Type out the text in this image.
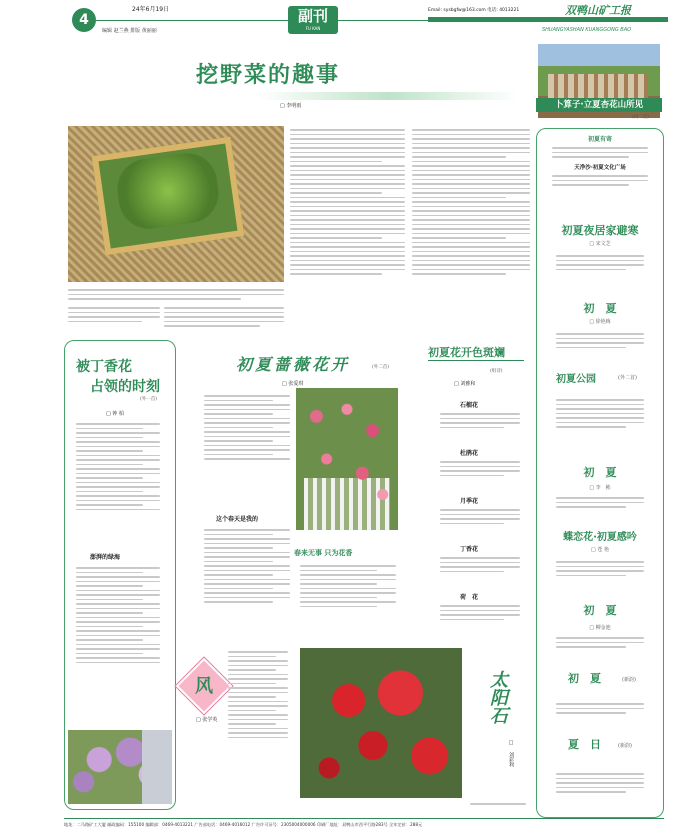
4
24年6月19日
编辑 赵兰燕 排版 黄丽丽
副刊
FU KAN
Email: sysbgfw@163.com 电话: 4013221	双鸭山矿工报
SHUANGYASHAN KUANGGONG BAO
挖野菜的趣事
□ 李明雨	卜算子·立夏杏花山所见
(词二首)
初夏有寄
天净沙·初夏文化广场
初夏夜居家避寒
□ 宋文芝
初　夏
□ 徐艳梅
初夏公园	(外二首)
初　夏
□ 李　彬
蝶恋花·初夏感吟
□ 苍 艳
初　夏
□ 柳金池
初　夏	(新韵)
夏　日	(新韵)
被丁香花
占领的时刻
(外一首)
□ 钟 柏
澎湃的绿海
初夏蔷薇花开	(外二首)
□ 张爱琪
这个春天是我的
春来无事 只为花香
初夏花开色斑斓
(组诗)
□ 刘雅和
石榴花
杜鹃花
月季花
丁香花
荷　花
风
□ 张学英	太阳石
□ 刘彩利
地址：二马路矿工大厦 邮政编码：155100 编辑部：0469-4013221 广告部电话：0469-4016012 广告许可证号：2305004000006 印刷厂地址：双鸭山市西平行路283号 全年定价：288元
